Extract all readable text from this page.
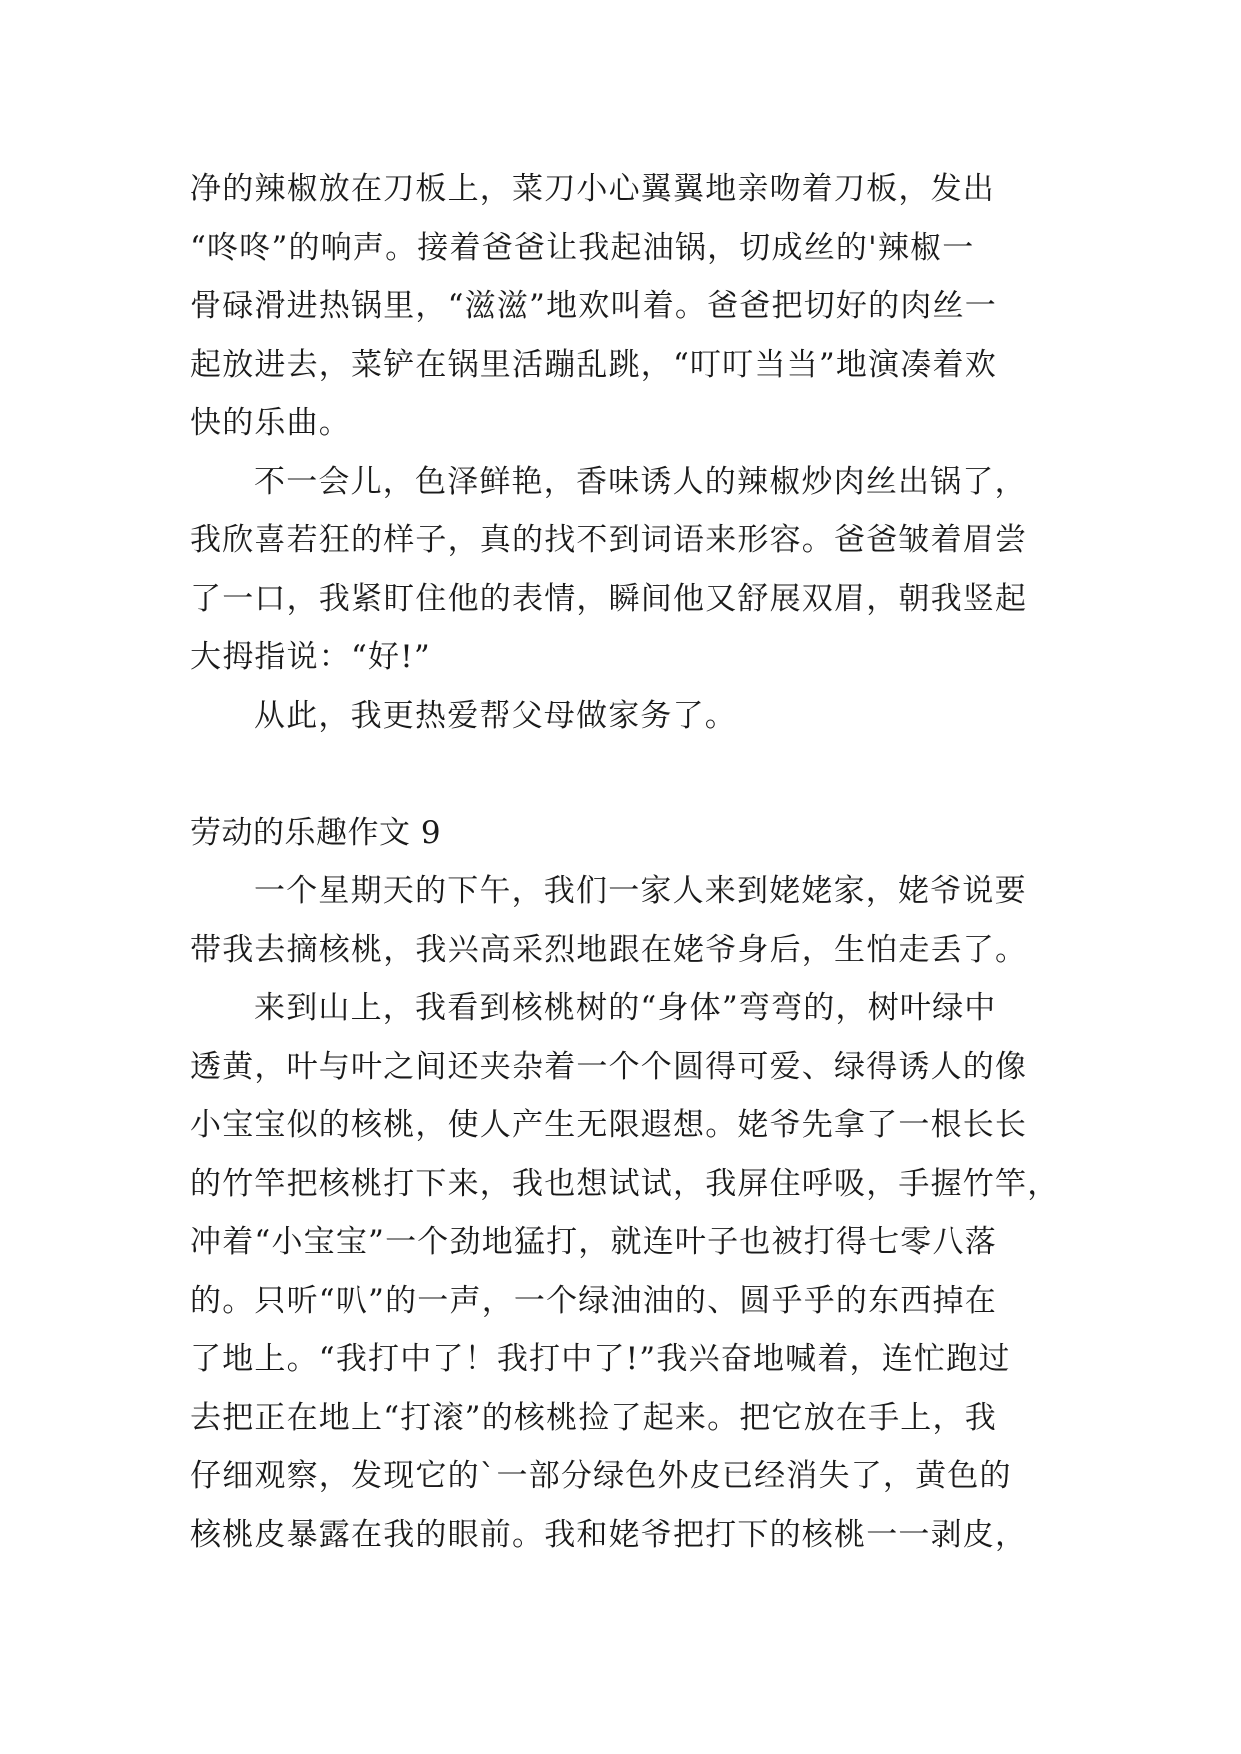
净的辣椒放在刀板上，菜刀小心翼翼地亲吻着刀板，发出
“咚咚”的响声。接着爸爸让我起油锅，切成丝的'辣椒一
骨碌滑进热锅里，“滋滋”地欢叫着。爸爸把切好的肉丝一
起放进去，菜铲在锅里活蹦乱跳，“叮叮当当”地演凑着欢
快的乐曲。
不一会儿，色泽鲜艳，香味诱人的辣椒炒肉丝出锅了，
我欣喜若狂的样子，真的找不到词语来形容。爸爸皱着眉尝
了一口，我紧盯住他的表情，瞬间他又舒展双眉，朝我竖起
大拇指说：“好!”
从此，我更热爱帮父母做家务了。
劳动的乐趣作文 9
一个星期天的下午，我们一家人来到姥姥家，姥爷说要
带我去摘核桃，我兴高采烈地跟在姥爷身后，生怕走丢了。
来到山上，我看到核桃树的“身体”弯弯的，树叶绿中
透黄，叶与叶之间还夹杂着一个个圆得可爱、绿得诱人的像
小宝宝似的核桃，使人产生无限遐想。姥爷先拿了一根长长
的竹竿把核桃打下来，我也想试试，我屏住呼吸，手握竹竿，
冲着“小宝宝”一个劲地猛打，就连叶子也被打得七零八落
的。只听“叭”的一声，一个绿油油的、圆乎乎的东西掉在
了地上。“我打中了！我打中了!”我兴奋地喊着，连忙跑过
去把正在地上“打滚”的核桃捡了起来。把它放在手上，我
仔细观察，发现它的`一部分绿色外皮已经消失了，黄色的
核桃皮暴露在我的眼前。我和姥爷把打下的核桃一一剥皮，
